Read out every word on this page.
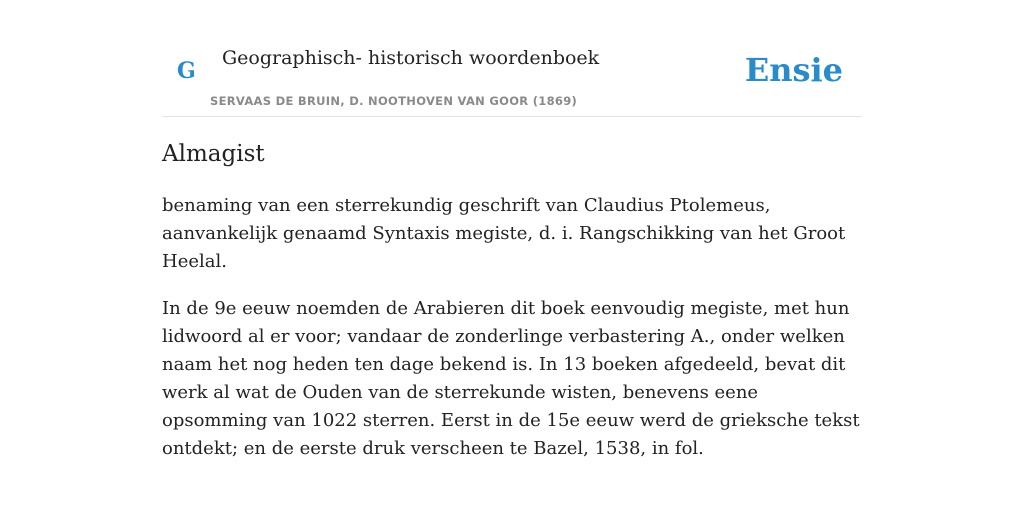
G Geographisch- historisch woordenboek
SERVAAS DE BRUIN, D. NOOTHOVEN VAN GOOR (1869)
Ensie
Almagist

benaming van een sterrekundig geschrift van Claudius Ptolemeus, aanvankelijk genaamd Syntaxis megiste, d. i. Rangschikking van het Groot Heelal.

In de 9e eeuw noemden de Arabieren dit boek eenvoudig megiste, met hun lidwoord al er voor; vandaar de zonderlinge verbastering A., onder welken naam het nog heden ten dage bekend is. In 13 boeken afgedeeld, bevat dit werk al wat de Ouden van de sterrekunde wisten, benevens eene opsomming van 1022 sterren. Eerst in de 15e eeuw werd de grieksche tekst ontdekt; en de eerste druk verscheen te Bazel, 1538, in fol.
